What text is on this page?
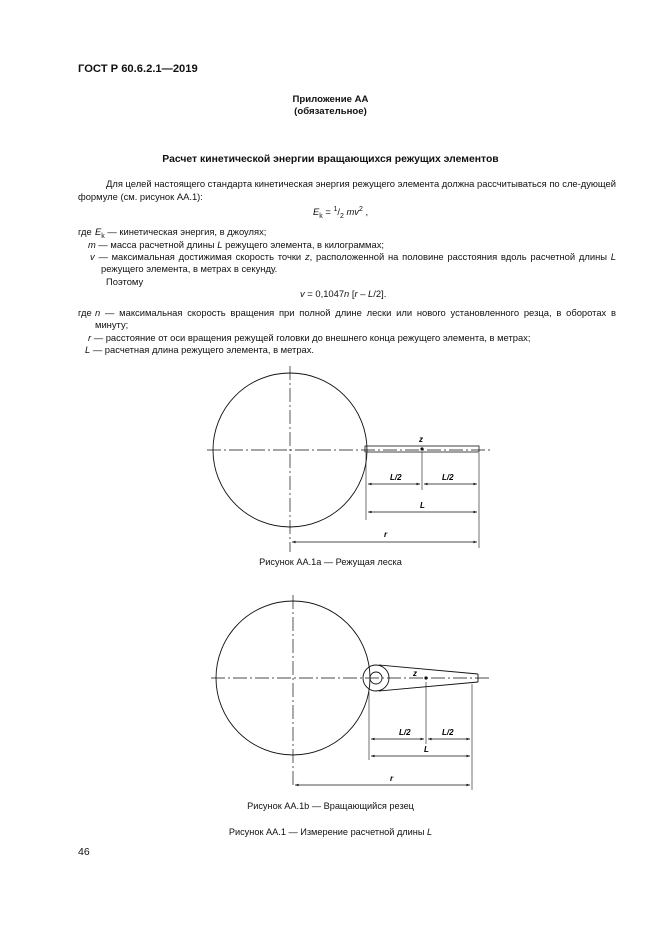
ГОСТ Р 60.6.2.1—2019
Приложение АА
(обязательное)
Расчет кинетической энергии вращающихся режущих элементов
Для целей настоящего стандарта кинетическая энергия режущего элемента должна рассчитываться по сле-дующей формуле (см. рисунок АА.1):
$E_k = ^1/_2$ $mv^2$ ,
где $E_k$ — кинетическая энергия, в джоулях;
m — масса расчетной длины L режущего элемента, в килограммах;
v — максимальная достижимая скорость точки z, расположенной на половине расстояния вдоль расчетной длины L режущего элемента, в метрах в секунду.
Поэтому
v = 0,1047n [r – L/2].
где n — максимальная скорость вращения при полной длине лески или нового установленного резца, в оборотах в минуту;
r — расстояние от оси вращения режущей головки до внешнего конца режущего элемента, в метрах;
L — расчетная длина режущего элемента, в метрах.
z
L/2	L/2
L
r
z
L/2	L/2
L
r
Рисунок АА.1а — Режущая леска
Рисунок АА.1b — Вращающийся резец
Рисунок АА.1 — Измерение расчетной длины L
46
